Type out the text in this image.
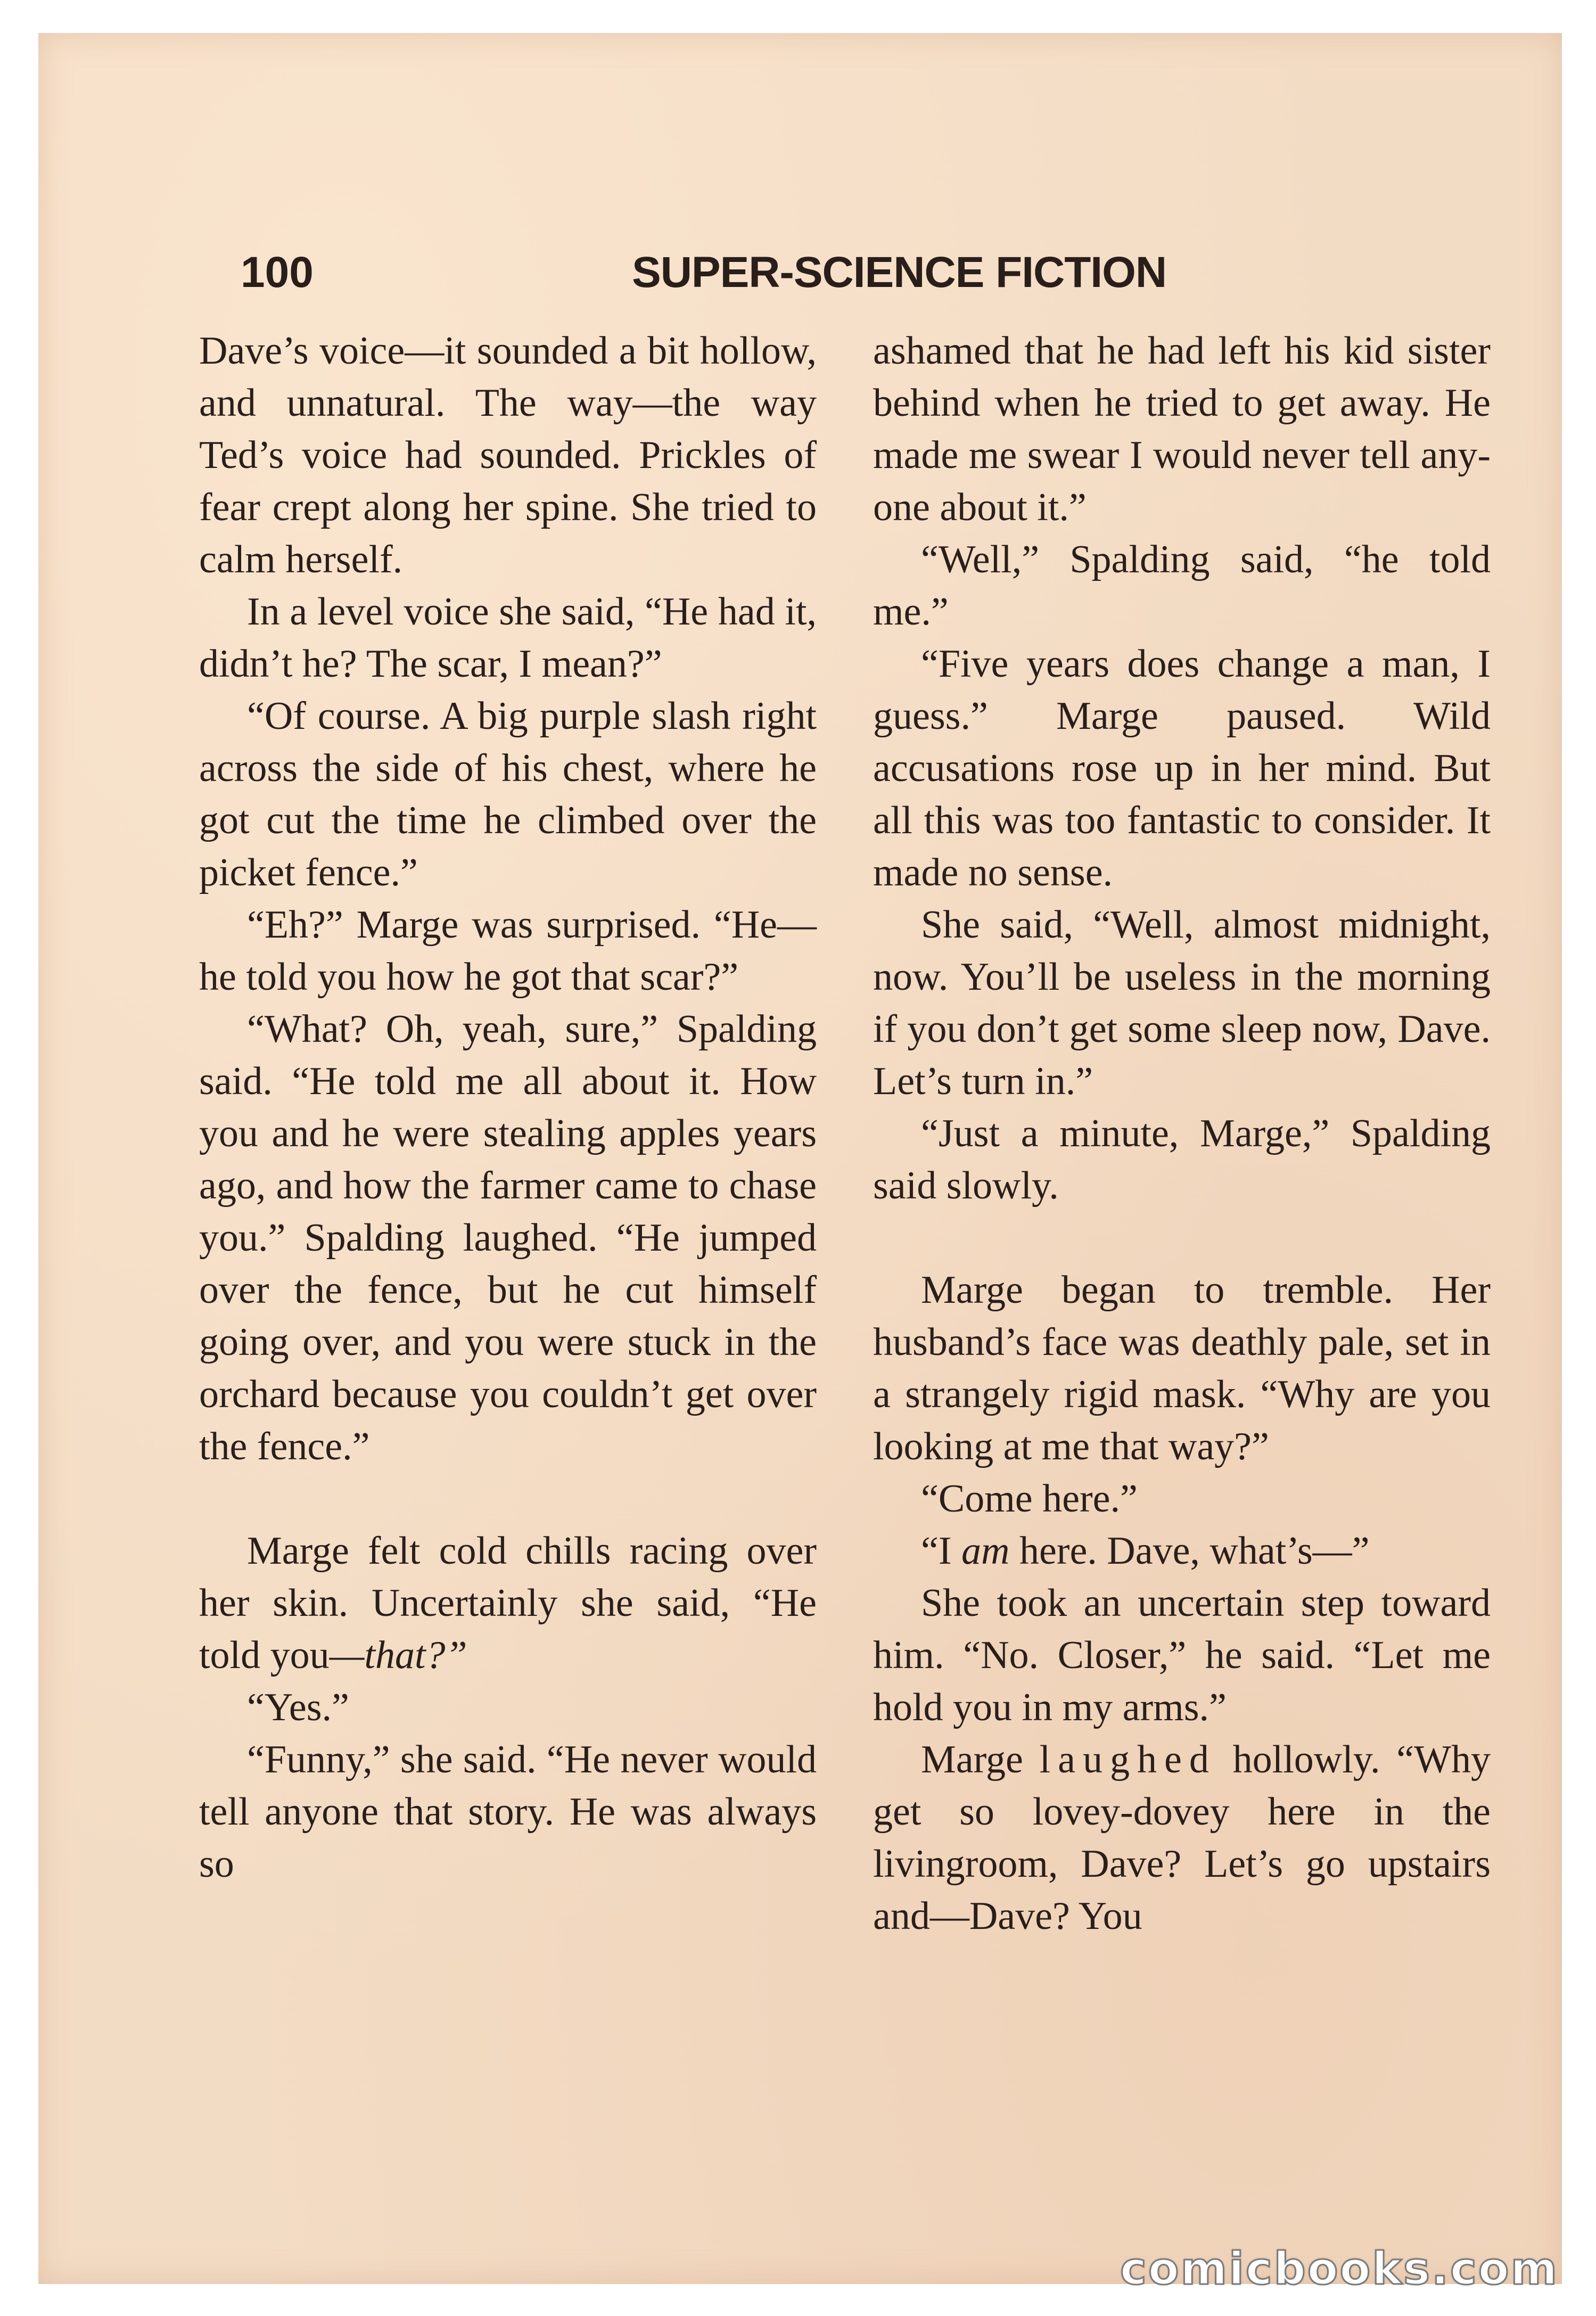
100	SUPER-SCIENCE FICTION

Dave’s voice—it sounded a bit hollow, and unnatural. The way—the way Ted’s voice had sounded. Prickles of fear crept along her spine. She tried to calm herself.

In a level voice she said, “He had it, didn’t he? The scar, I mean?”

“Of course. A big purple slash right across the side of his chest, where he got cut the time he climbed over the picket fence.”

“Eh?” Marge was surprised. “He—he told you how he got that scar?”

“What? Oh, yeah, sure,” Spalding said. “He told me all about it. How you and he were stealing apples years ago, and how the farmer came to chase you.” Spalding laughed. “He jumped over the fence, but he cut himself going over, and you were stuck in the orchard because you couldn’t get over the fence.”

Marge felt cold chills racing over her skin. Uncertainly she said, “He told you—that?”

“Yes.”

“Funny,” she said. “He never would tell anyone that story. He was always so

ashamed that he had left his kid sister behind when he tried to get away. He made me swear I would never tell anyone about it.”

“Well,” Spalding said, “he told me.”

“Five years does change a man, I guess.” Marge paused. Wild accusations rose up in her mind. But all this was too fantastic to consider. It made no sense.

She said, “Well, almost midnight, now. You’ll be useless in the morning if you don’t get some sleep now, Dave. Let’s turn in.”

“Just a minute, Marge,” Spalding said slowly.

Marge began to tremble. Her husband’s face was deathly pale, set in a strangely rigid mask. “Why are you looking at me that way?”

“Come here.”

“I am here. Dave, what’s—”

She took an uncertain step toward him. “No. Closer,” he said. “Let me hold you in my arms.”

Marge laughed hollowly. “Why get so lovey-dovey here in the livingroom, Dave? Let’s go upstairs and—Dave? You

comicbooks.com
